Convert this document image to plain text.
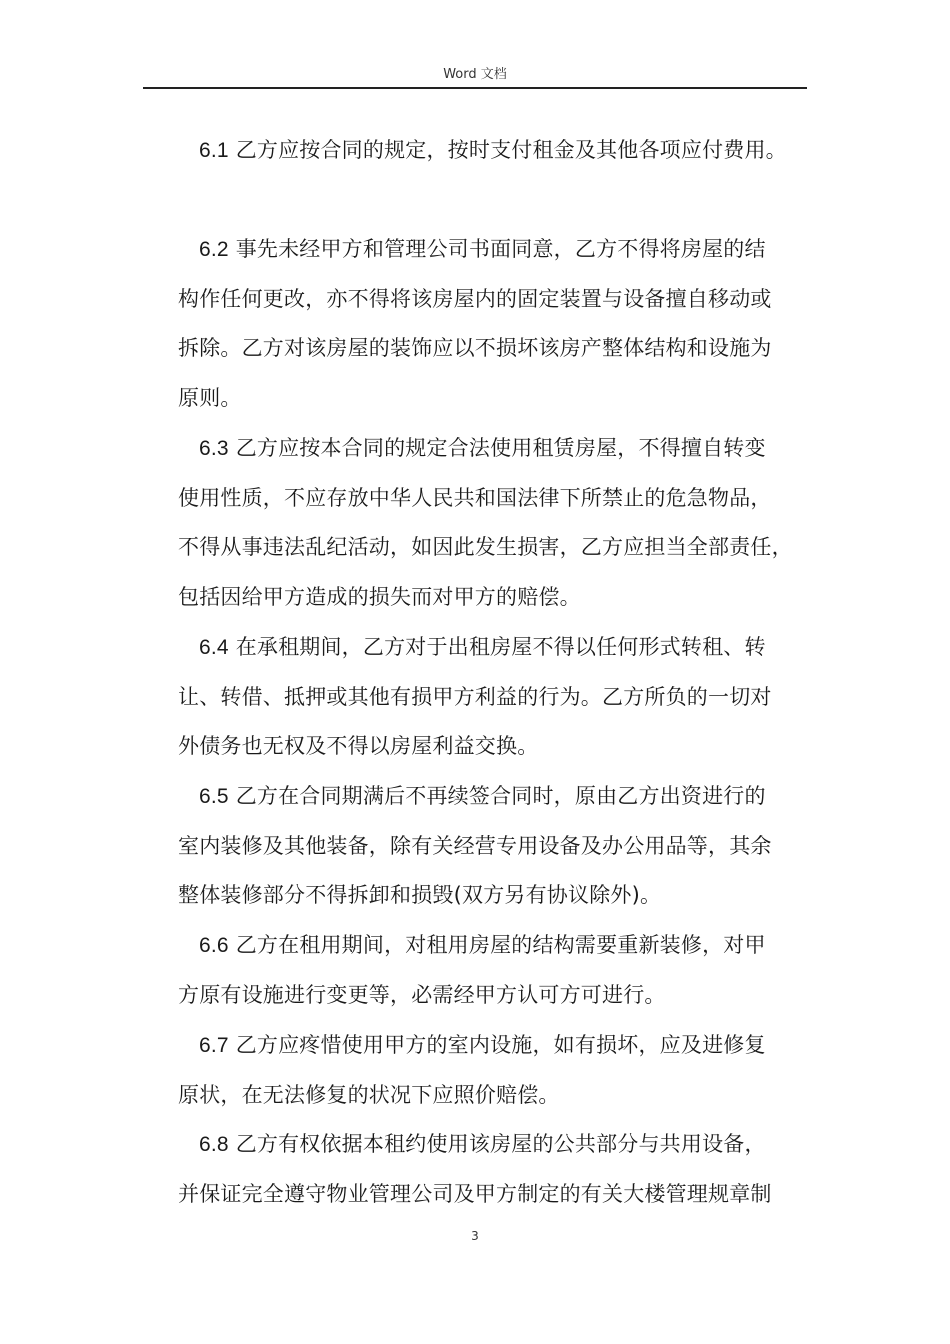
Word 文档
6.1 乙方应按合同的规定，按时支付租金及其他各项应付费用。
6.2 事先未经甲方和管理公司书面同意，乙方不得将房屋的结
构作任何更改，亦不得将该房屋内的固定装置与设备擅自移动或
拆除。乙方对该房屋的装饰应以不损坏该房产整体结构和设施为
原则。
6.3 乙方应按本合同的规定合法使用租赁房屋，不得擅自转变
使用性质，不应存放中华人民共和国法律下所禁止的危急物品，
不得从事违法乱纪活动，如因此发生损害，乙方应担当全部责任，
包括因给甲方造成的损失而对甲方的赔偿。
6.4 在承租期间，乙方对于出租房屋不得以任何形式转租、转
让、转借、抵押或其他有损甲方利益的行为。乙方所负的一切对
外债务也无权及不得以房屋利益交换。
6.5 乙方在合同期满后不再续签合同时，原由乙方出资进行的
室内装修及其他装备，除有关经营专用设备及办公用品等，其余
整体装修部分不得拆卸和损毁(双方另有协议除外)。
6.6 乙方在租用期间，对租用房屋的结构需要重新装修，对甲
方原有设施进行变更等，必需经甲方认可方可进行。
6.7 乙方应疼惜使用甲方的室内设施，如有损坏，应及进修复
原状，在无法修复的状况下应照价赔偿。
6.8 乙方有权依据本租约使用该房屋的公共部分与共用设备，
并保证完全遵守物业管理公司及甲方制定的有关大楼管理规章制
3
